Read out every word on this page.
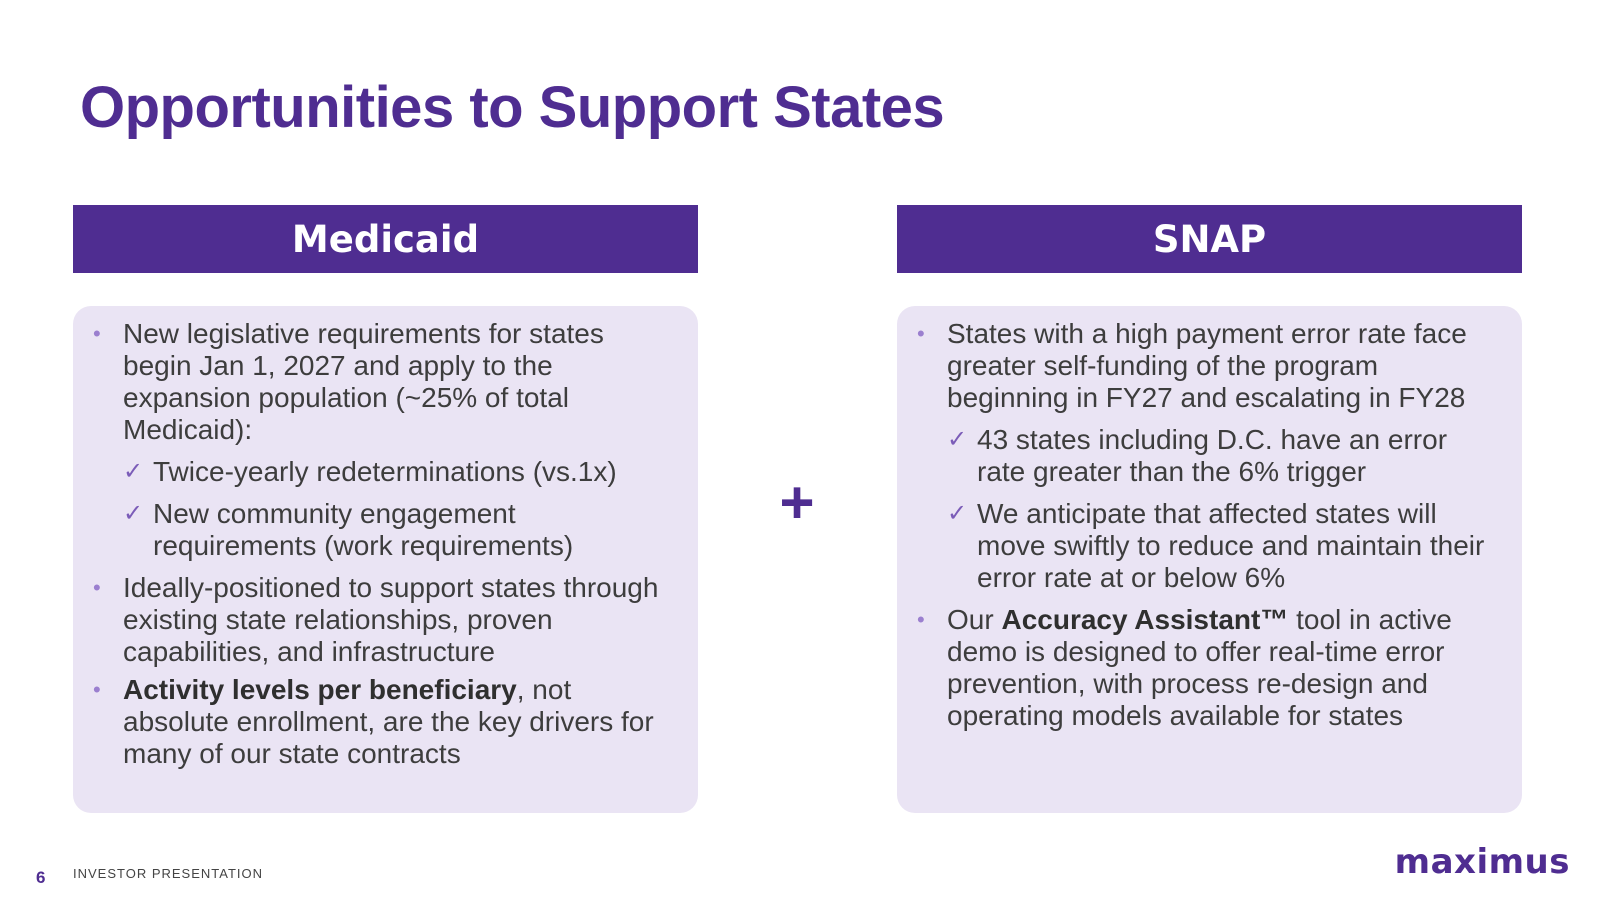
Opportunities to Support States
Medicaid	SNAP
• New legislative requirements for states begin Jan 1, 2027 and apply to the expansion population (~25% of total Medicaid):
✓ Twice-yearly redeterminations (vs.1x)
✓ New community engagement requirements (work requirements)
• Ideally-positioned to support states through existing state relationships, proven capabilities, and infrastructure
• Activity levels per beneficiary, not absolute enrollment, are the key drivers for many of our state contracts
+
• States with a high payment error rate face greater self-funding of the program beginning in FY27 and escalating in FY28
✓ 43 states including D.C. have an error rate greater than the 6% trigger
✓ We anticipate that affected states will move swiftly to reduce and maintain their error rate at or below 6%
• Our Accuracy Assistant™ tool in active demo is designed to offer real-time error prevention, with process re-design and operating models available for states
6 INVESTOR PRESENTATION	maximus
